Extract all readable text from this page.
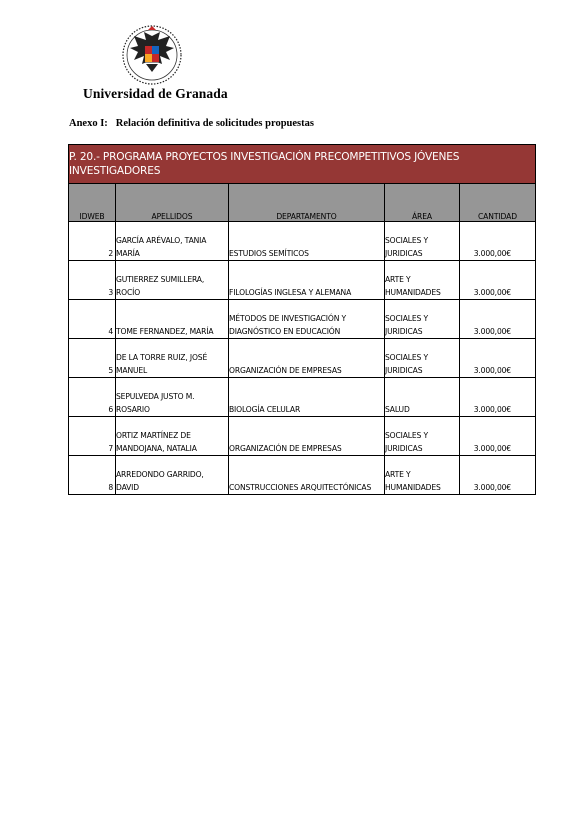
Universidad de Granada
Anexo I: Relación definitiva de solicitudes propuestas
P. 20.- PROGRAMA PROYECTOS INVESTIGACIÓN PRECOMPETITIVOS JÓVENES INVESTIGADORES				
IDWEB	APELLIDOS	DEPARTAMENTO	ÁREA	CANTIDAD
2	GARCÍA ARÉVALO, TANIA MARÍA	ESTUDIOS SEMÍTICOS	SOCIALES Y JURIDICAS	3.000,00€
3	GUTIERREZ SUMILLERA, ROCÍO	FILOLOGÍAS INGLESA Y ALEMANA	ARTE Y HUMANIDADES	3.000,00€
4	TOME FERNANDEZ, MARÍA	MÉTODOS DE INVESTIGACIÓN Y DIAGNÓSTICO EN EDUCACIÓN	SOCIALES Y JURIDICAS	3.000,00€
5	DE LA TORRE RUIZ, JOSÉ MANUEL	ORGANIZACIÓN DE EMPRESAS	SOCIALES Y JURIDICAS	3.000,00€
6	SEPULVEDA JUSTO M. ROSARIO	BIOLOGÍA CELULAR	SALUD	3.000,00€
7	ORTIZ MARTÍNEZ DE MANDOJANA, NATALIA	ORGANIZACIÓN DE EMPRESAS	SOCIALES Y JURIDICAS	3.000,00€
8	ARREDONDO GARRIDO, DAVID	CONSTRUCCIONES ARQUITECTÓNICAS	ARTE Y HUMANIDADES	3.000,00€
